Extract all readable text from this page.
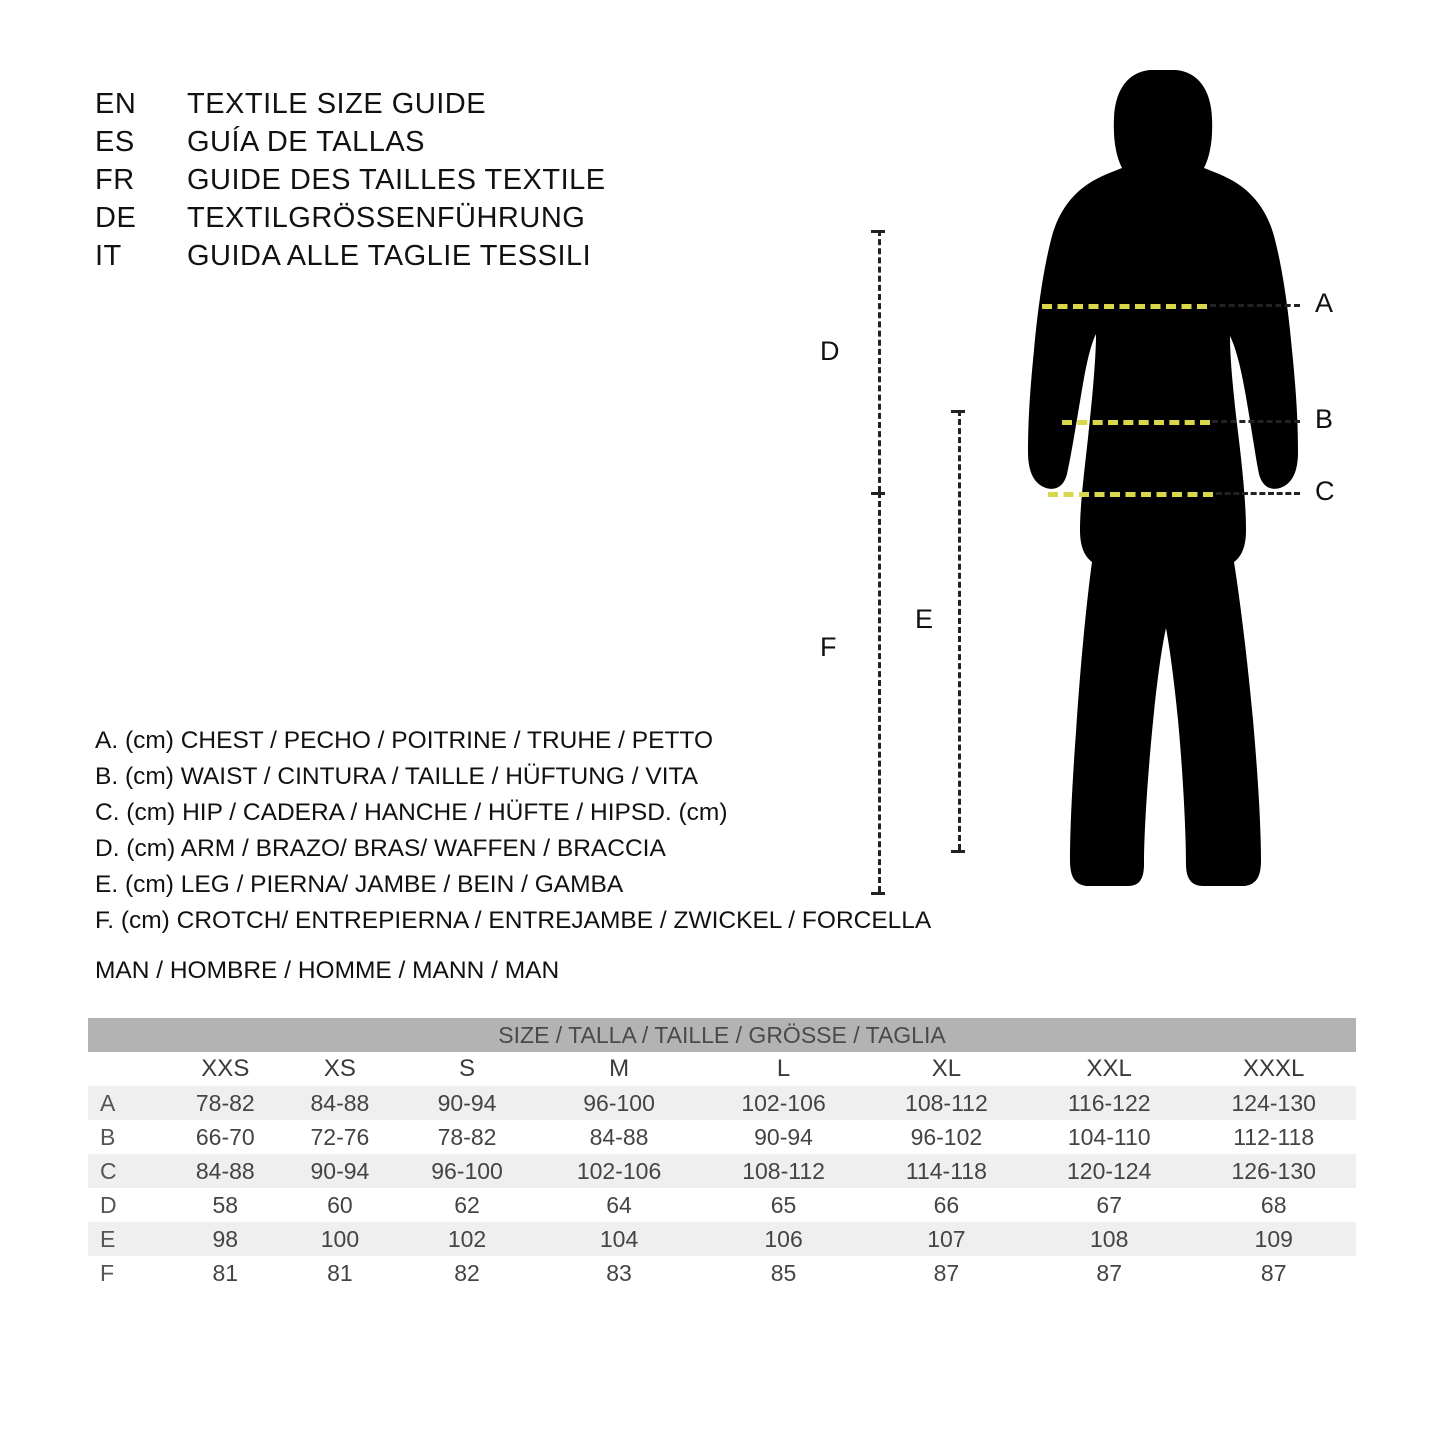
EN	TEXTILE SIZE GUIDE
ES	GUÍA DE TALLAS
FR	GUIDE DES TAILLES TEXTILE
DE	TEXTILGRÖSSENFÜHRUNG
IT	GUIDA ALLE TAGLIE TESSILI
A. (cm) CHEST / PECHO / POITRINE / TRUHE / PETTO
B. (cm) WAIST / CINTURA / TAILLE / HÜFTUNG / VITA
C. (cm) HIP / CADERA / HANCHE / HÜFTE / HIPSD. (cm)
D. (cm) ARM / BRAZO/ BRAS/ WAFFEN / BRACCIA
E. (cm) LEG / PIERNA/ JAMBE / BEIN / GAMBA
F. (cm) CROTCH/ ENTREPIERNA / ENTREJAMBE / ZWICKEL / FORCELLA
MAN / HOMBRE / HOMME / MANN / MAN
A
B
C
D
E
F
SIZE / TALLA / TAILLE / GRÖSSE / TAGLIA								
	XXS	XS	S	M	L	XL	XXL	XXXL
A	78-82	84-88	90-94	96-100	102-106	108-112	116-122	124-130
B	66-70	72-76	78-82	84-88	90-94	96-102	104-110	112-118
C	84-88	90-94	96-100	102-106	108-112	114-118	120-124	126-130
D	58	60	62	64	65	66	67	68
E	98	100	102	104	106	107	108	109
F	81	81	82	83	85	87	87	87
